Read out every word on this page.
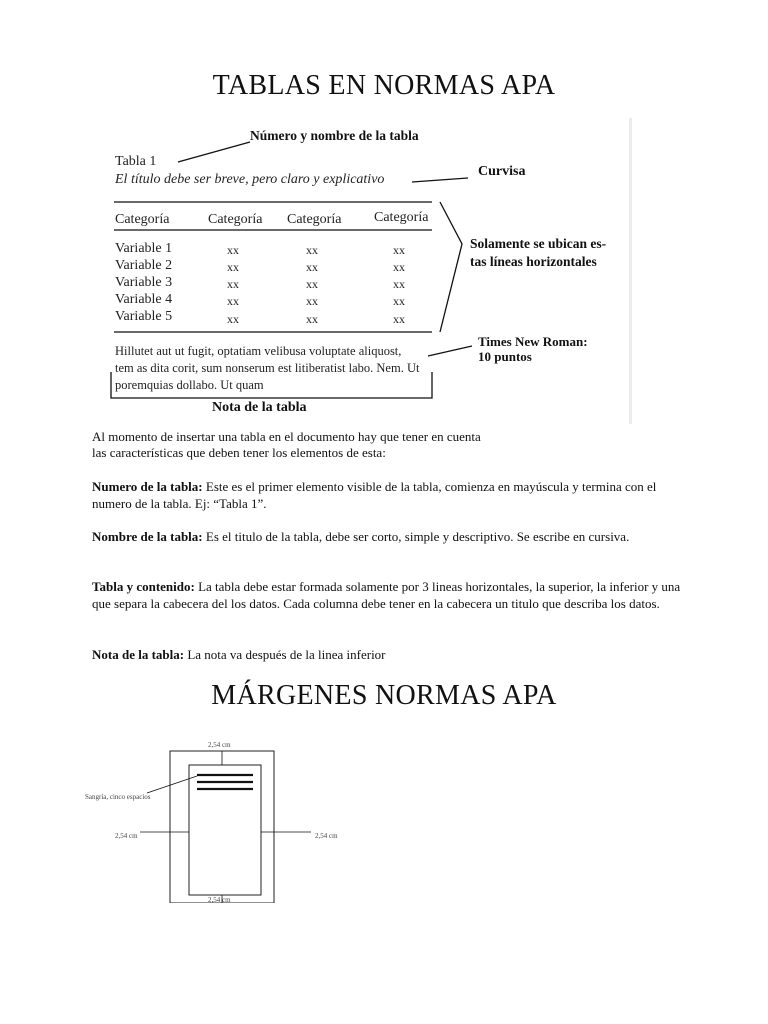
TABLAS EN NORMAS APA
Número y nombre de la tabla
Curvisa
Solamente se ubican es-
tas líneas horizontales
Times New Roman:
10 puntos
Nota de la tabla
Tabla 1
El título debe ser breve, pero claro y explicativo
Categoría	Categoría Categoría Categoría
Variable 1	xx	xx	xx
Variable 2	xx	xx	xx
Variable 3	xx	xx	xx
Variable 4	xx	xx	xx
Variable 5	xx	xx	xx
Hillutet aut ut fugit, optatiam velibusa voluptate aliquost,
tem as dita corit, sum nonserum est litiberatist labo. Nem. Ut
poremquias dollabo. Ut quam

Al momento de insertar una tabla en el documento hay que tener en cuenta

las características que deben tener los elementos de esta:

Numero de la tabla: Este es el primer elemento visible de la tabla, comienza en mayúscula y termina con el numero de la tabla. Ej: “Tabla 1”.

Nombre de la tabla: Es el titulo de la tabla, debe ser corto, simple y descriptivo. Se escribe en cursiva.

Tabla y contenido: La tabla debe estar formada solamente por 3 lineas horizontales, la superior, la inferior y una que separa la cabecera del los datos. Cada columna debe tener en la cabecera un titulo que describa los datos.

Nota de la tabla: La nota va después de la linea inferior

MÁRGENES NORMAS APA
2,54 cm
2,54 cm	2,54 cm
2,54 cm
Sangría, cinco espacios
